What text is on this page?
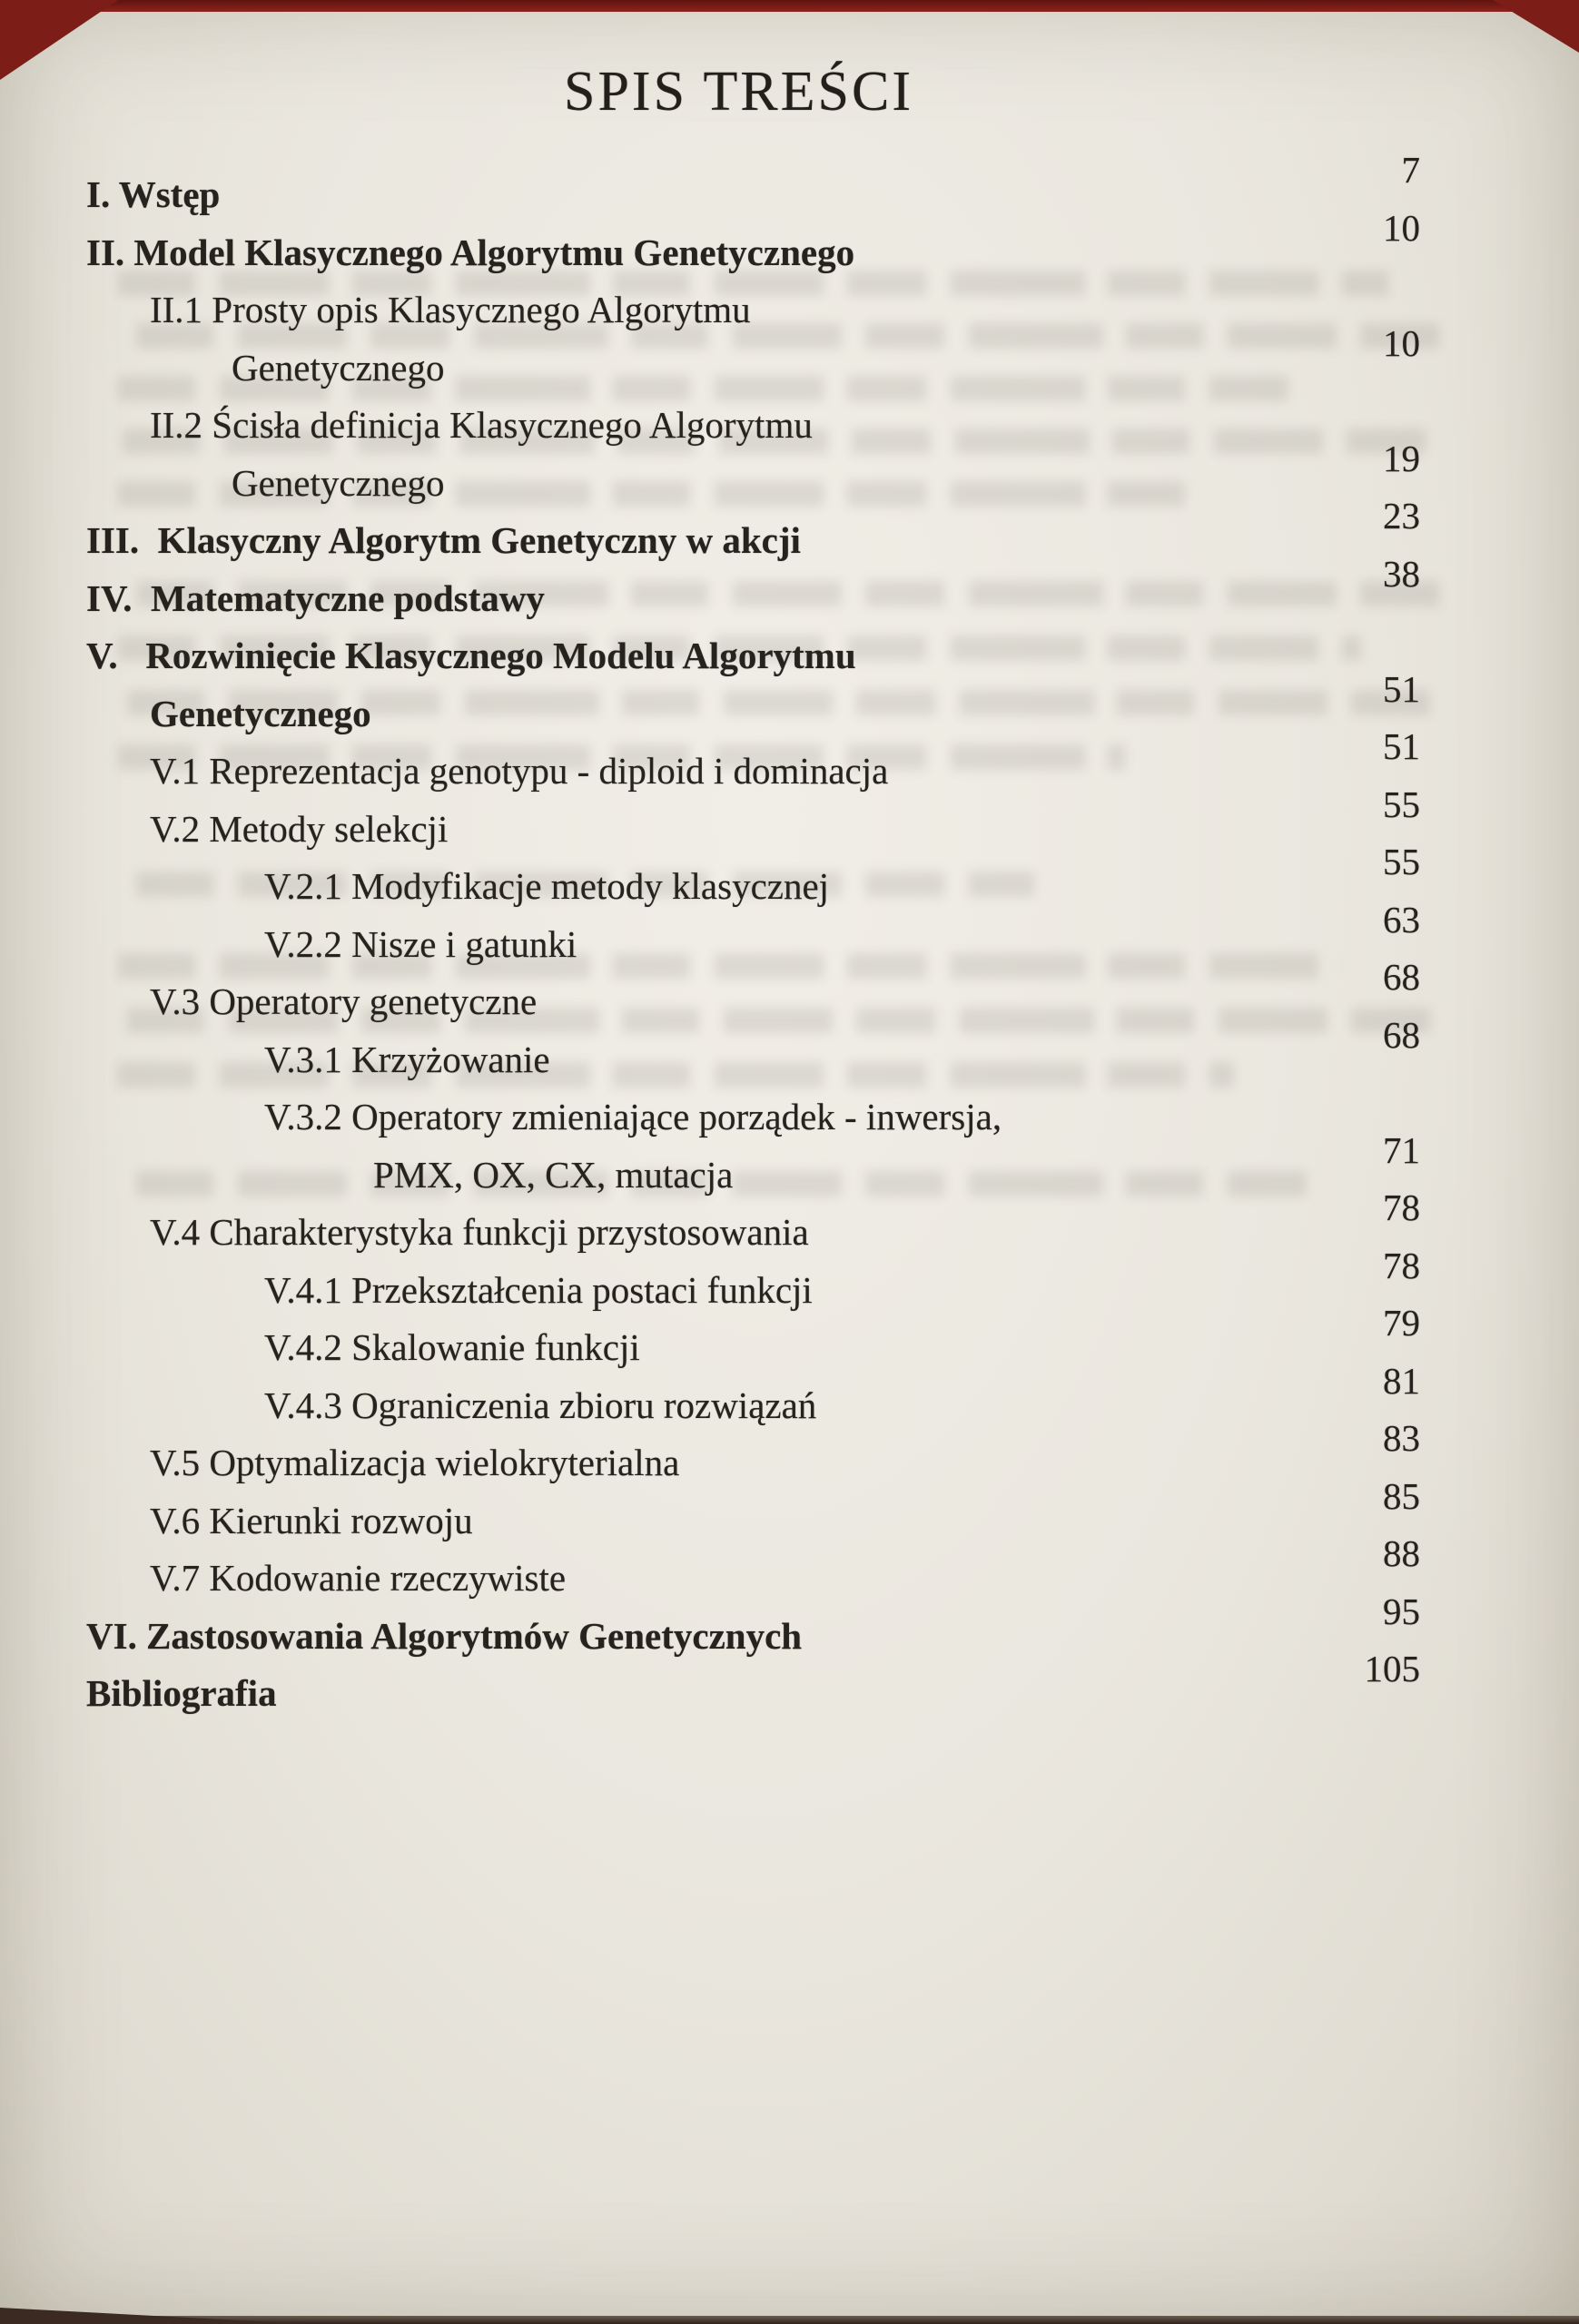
SPIS TREŚCI
I. Wstęp
7
II. Model Klasycznego Algorytmu Genetycznego
10
II.1 Prosty opis Klasycznego Algorytmu
Genetycznego
10
II.2 Ścisła definicja Klasycznego Algorytmu
Genetycznego
19
III.  Klasyczny Algorytm Genetyczny w akcji
23
IV.  Matematyczne podstawy
38
V.   Rozwinięcie Klasycznego Modelu Algorytmu
Genetycznego
51
V.1 Reprezentacja genotypu - diploid i dominacja
51
V.2 Metody selekcji
55
V.2.1 Modyfikacje metody klasycznej
55
V.2.2 Nisze i gatunki
63
V.3 Operatory genetyczne
68
V.3.1 Krzyżowanie
68
V.3.2 Operatory zmieniające porządek - inwersja,
PMX, OX, CX, mutacja
71
V.4 Charakterystyka funkcji przystosowania
78
V.4.1 Przekształcenia postaci funkcji
78
V.4.2 Skalowanie funkcji
79
V.4.3 Ograniczenia zbioru rozwiązań
81
V.5 Optymalizacja wielokryterialna
83
V.6 Kierunki rozwoju
85
V.7 Kodowanie rzeczywiste
88
VI. Zastosowania Algorytmów Genetycznych
95
Bibliografia
105
